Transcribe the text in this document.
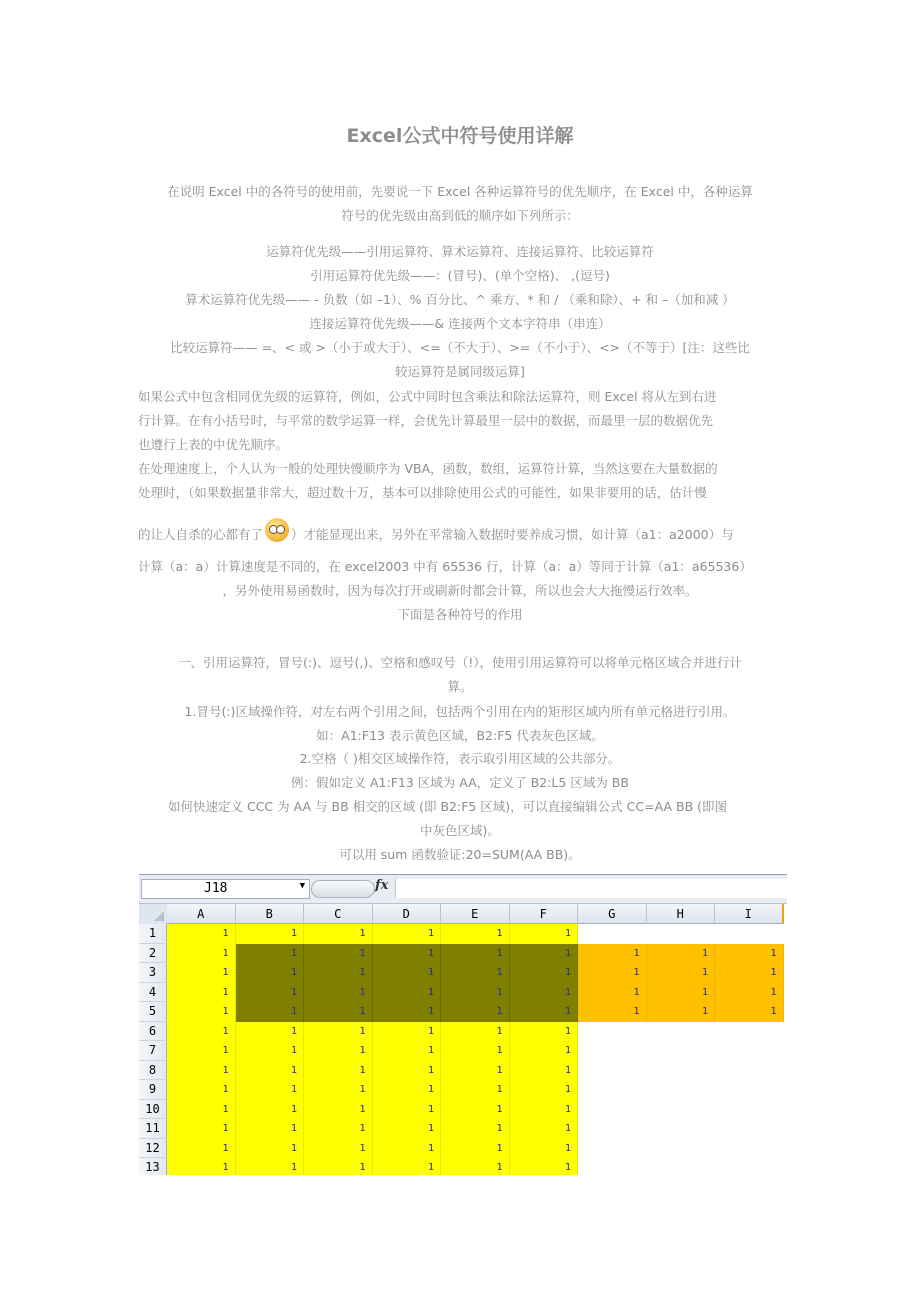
Excel公式中符号使用详解

在说明 Excel 中的各符号的使用前，先要说一下 Excel 各种运算符号的优先顺序，在 Excel 中，各种运算
符号的优先级由高到低的顺序如下列所示：

运算符优先级——引用运算符、算术运算符、连接运算符、比较运算符
引用运算符优先级——：(冒号)、(单个空格)、 ,(逗号)
算术运算符优先级—— - 负数（如 –1）、% 百分比、^ 乘方、* 和 / （乘和除）、+ 和 –（加和减 ）
连接运算符优先级——& 连接两个文本字符串（串连）
比较运算符—— =、< 或 >（小于或大于）、<=（不大于）、>=（不小于）、<>（不等于）[注：这些比
较运算符是属同级运算]

如果公式中包含相同优先级的运算符，例如，公式中同时包含乘法和除法运算符，则 Excel 将从左到右进
行计算。在有小括号时，与平常的数学运算一样，会优先计算最里一层中的数据，而最里一层的数据优先
也遵行上表的中优先顺序。

在处理速度上，个人认为一般的处理快慢顺序为 VBA，函数，数组，运算符计算，当然这要在大量数据的
处理时，（如果数据量非常大，超过数十万，基本可以排除使用公式的可能性，如果非要用的话，估计慢

的让人自杀的心都有了 ）才能显现出来，另外在平常输入数据时要养成习惯，如计算（a1：a2000）与

计算（a：a）计算速度是不同的，在 excel2003 中有 65536 行，计算（a：a）等同于计算（a1：a65536）
，另外使用易函数时，因为每次打开或刷新时都会计算，所以也会大大拖慢运行效率。

下面是各种符号的作用

一、引用运算符，冒号(:)、逗号(,)、空格和感叹号（!），使用引用运算符可以将单元格区域合并进行计
算。

1.冒号(:)区域操作符，对左右两个引用之间，包括两个引用在内的矩形区域内所有单元格进行引用。
如：A1:F13 表示黄色区域，B2:F5 代表灰色区域。

2.空格（ )相交区域操作符，表示取引用区域的公共部分。
例：假如定义 A1:F13 区域为 AA，定义了 B2:L5 区域为 BB
如何快速定义 CCC 为 AA 与 BB 相交的区域 (即 B2:F5 区域)，可以直接编辑公式 CC=AA BB (即图
中灰色区域)。
可以用 sum 函数验证:20=SUM(AA BB)。

J18	▼	fx
A	B	C	D	E	F	G	H	I
1	1	1	1	1	1	1
2	1	1	1	1	1	1	1	1	1
3	1	1	1	1	1	1	1	1	1
4	1	1	1	1	1	1	1	1	1
5	1	1	1	1	1	1	1	1	1
6	1	1	1	1	1	1
7	1	1	1	1	1	1
8	1	1	1	1	1	1
9	1	1	1	1	1	1
10	1	1	1	1	1	1
11	1	1	1	1	1	1
12	1	1	1	1	1	1
13	1	1	1	1	1	1
